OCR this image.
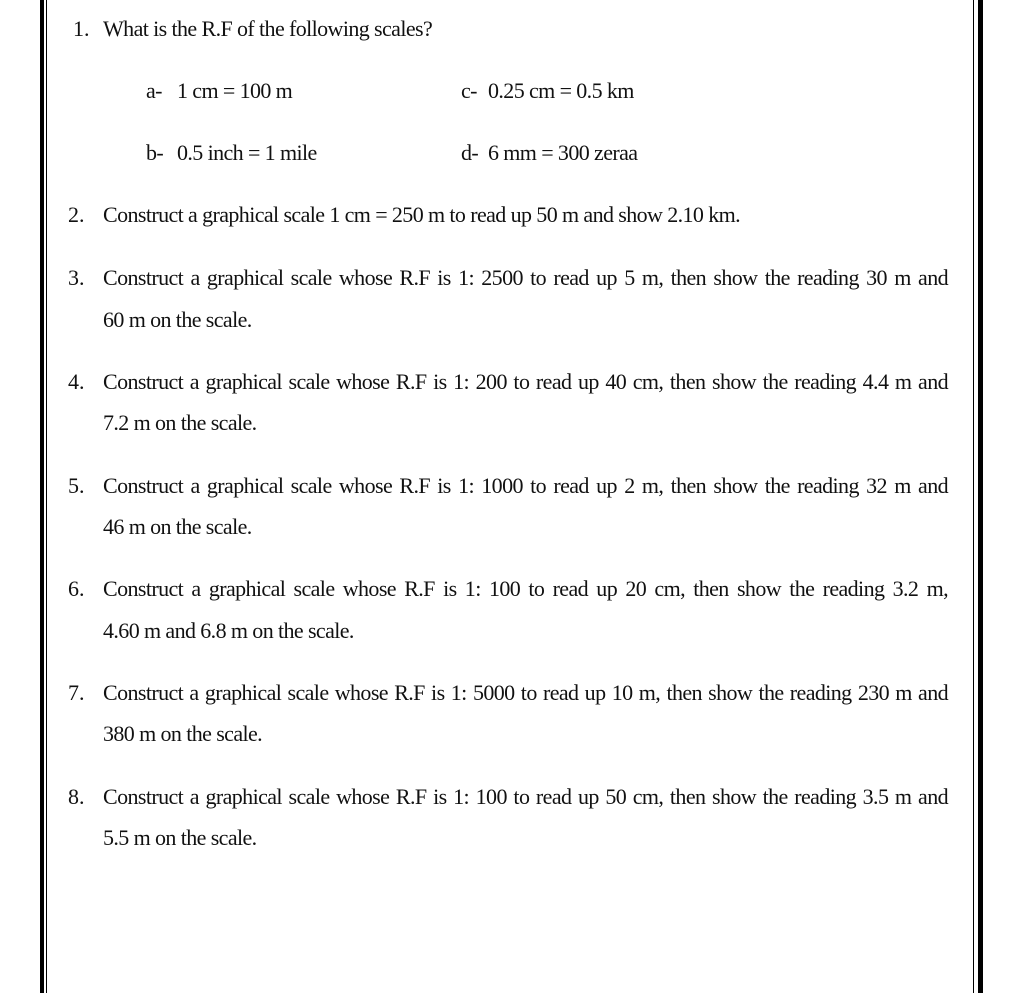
1. What is the R.F of the following scales?
a- 1 cm = 100 m	c- 0.25 cm = 0.5 km
b- 0.5 inch = 1 mile	d- 6 mm = 300 zeraa
2. Construct a graphical scale 1 cm = 250 m to read up 50 m and show 2.10 km.
3. Construct a graphical scale whose R.F is 1: 2500 to read up 5 m, then show the reading 30 m and
60 m on the scale.
4. Construct a graphical scale whose R.F is 1: 200 to read up 40 cm, then show the reading 4.4 m and
7.2 m on the scale.
5. Construct a graphical scale whose R.F is 1: 1000 to read up 2 m, then show the reading 32 m and
46 m on the scale.
6. Construct a graphical scale whose R.F is 1: 100 to read up 20 cm, then show the reading 3.2 m,
4.60 m and 6.8 m on the scale.
7. Construct a graphical scale whose R.F is 1: 5000 to read up 10 m, then show the reading 230 m and
380 m on the scale.
8. Construct a graphical scale whose R.F is 1: 100 to read up 50 cm, then show the reading 3.5 m and
5.5 m on the scale.
